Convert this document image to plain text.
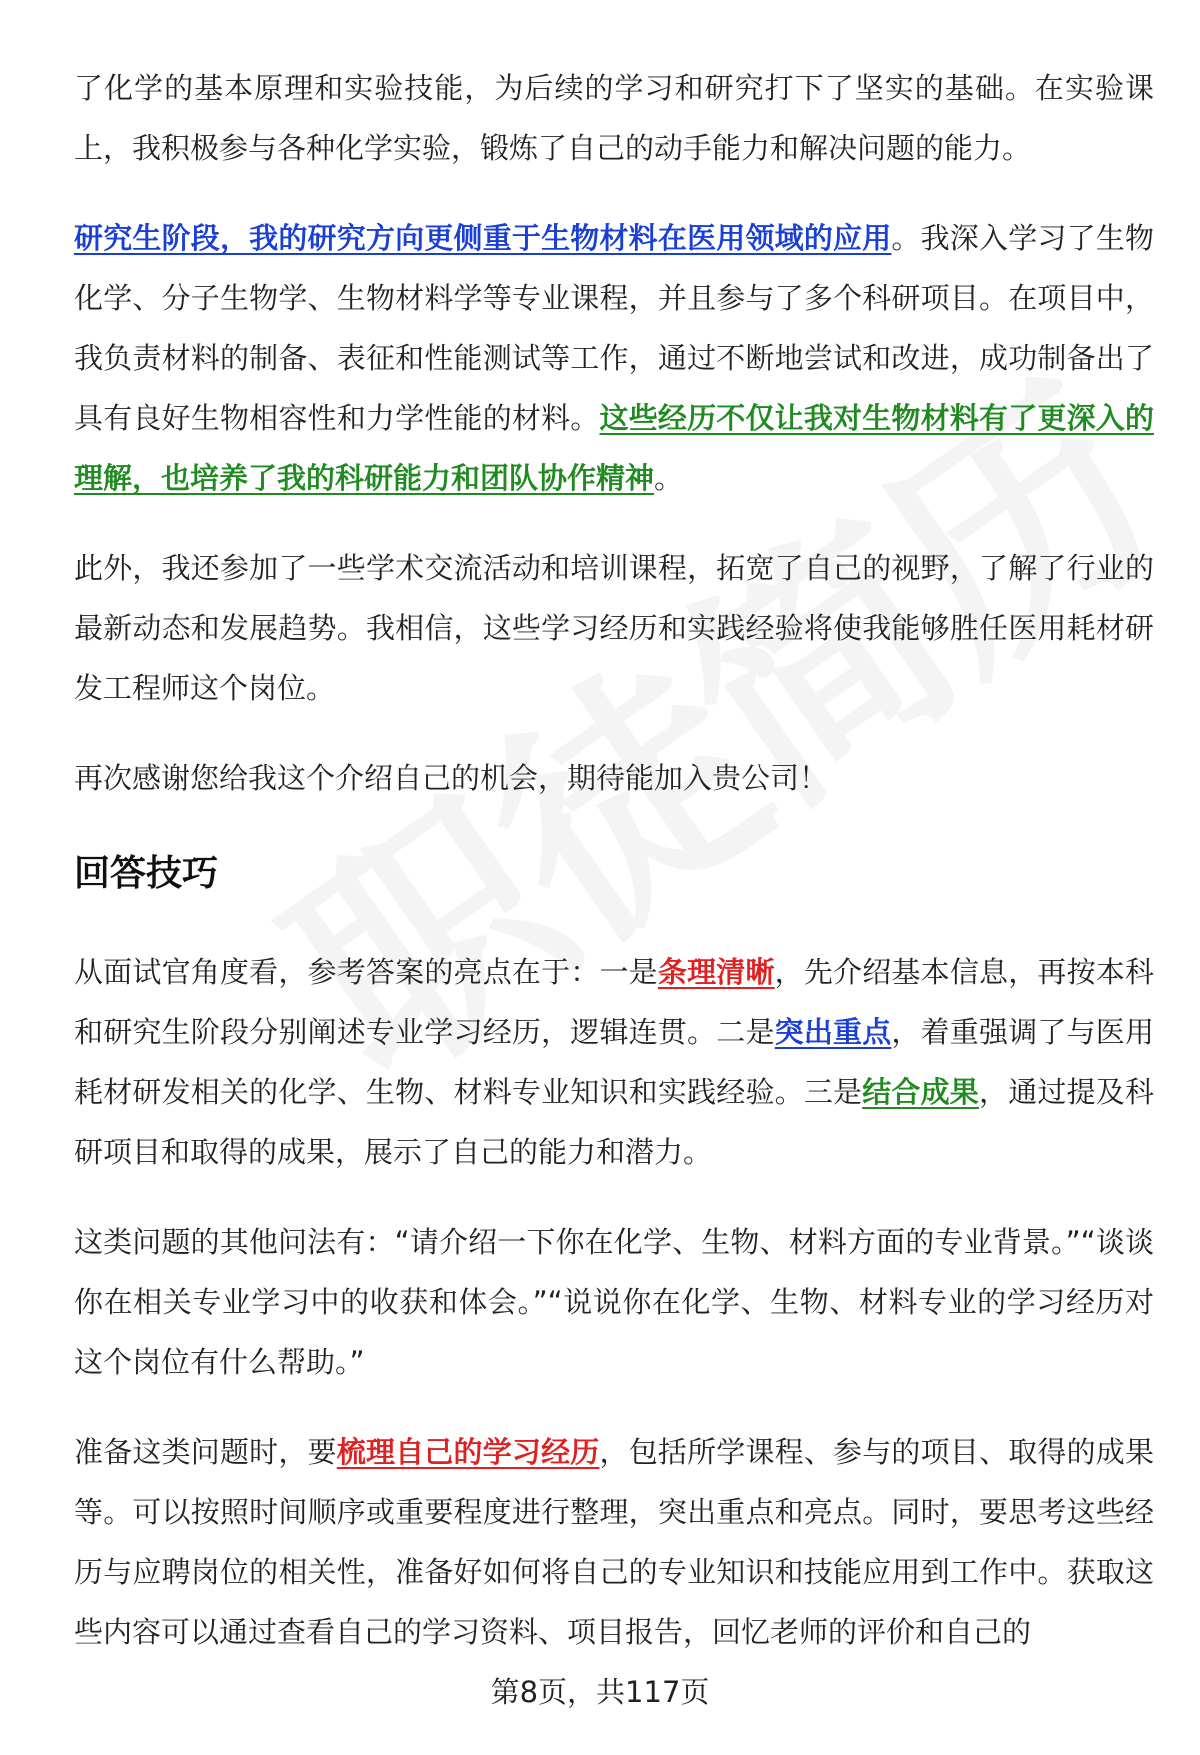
了化学的基本原理和实验技能，为后续的学习和研究打下了坚实的基础。在实验课上，我积极参与各种化学实验，锻炼了自己的动手能力和解决问题的能力。
研究生阶段，我的研究方向更侧重于生物材料在医用领域的应用。我深入学习了生物化学、分子生物学、生物材料学等专业课程，并且参与了多个科研项目。在项目中，我负责材料的制备、表征和性能测试等工作，通过不断地尝试和改进，成功制备出了具有良好生物相容性和力学性能的材料。这些经历不仅让我对生物材料有了更深入的理解，也培养了我的科研能力和团队协作精神。
此外，我还参加了一些学术交流活动和培训课程，拓宽了自己的视野，了解了行业的最新动态和发展趋势。我相信，这些学习经历和实践经验将使我能够胜任医用耗材研发工程师这个岗位。
再次感谢您给我这个介绍自己的机会，期待能加入贵公司！
回答技巧
从面试官角度看，参考答案的亮点在于：一是条理清晰，先介绍基本信息，再按本科和研究生阶段分别阐述专业学习经历，逻辑连贯。二是突出重点，着重强调了与医用耗材研发相关的化学、生物、材料专业知识和实践经验。三是结合成果，通过提及科研项目和取得的成果，展示了自己的能力和潜力。
这类问题的其他问法有：“请介绍一下你在化学、生物、材料方面的专业背景。”“谈谈你在相关专业学习中的收获和体会。”“说说你在化学、生物、材料专业的学习经历对这个岗位有什么帮助。”
准备这类问题时，要梳理自己的学习经历，包括所学课程、参与的项目、取得的成果等。可以按照时间顺序或重要程度进行整理，突出重点和亮点。同时，要思考这些经历与应聘岗位的相关性，准备好如何将自己的专业知识和技能应用到工作中。获取这些内容可以通过查看自己的学习资料、项目报告，回忆老师的评价和自己的
第8页，共117页
